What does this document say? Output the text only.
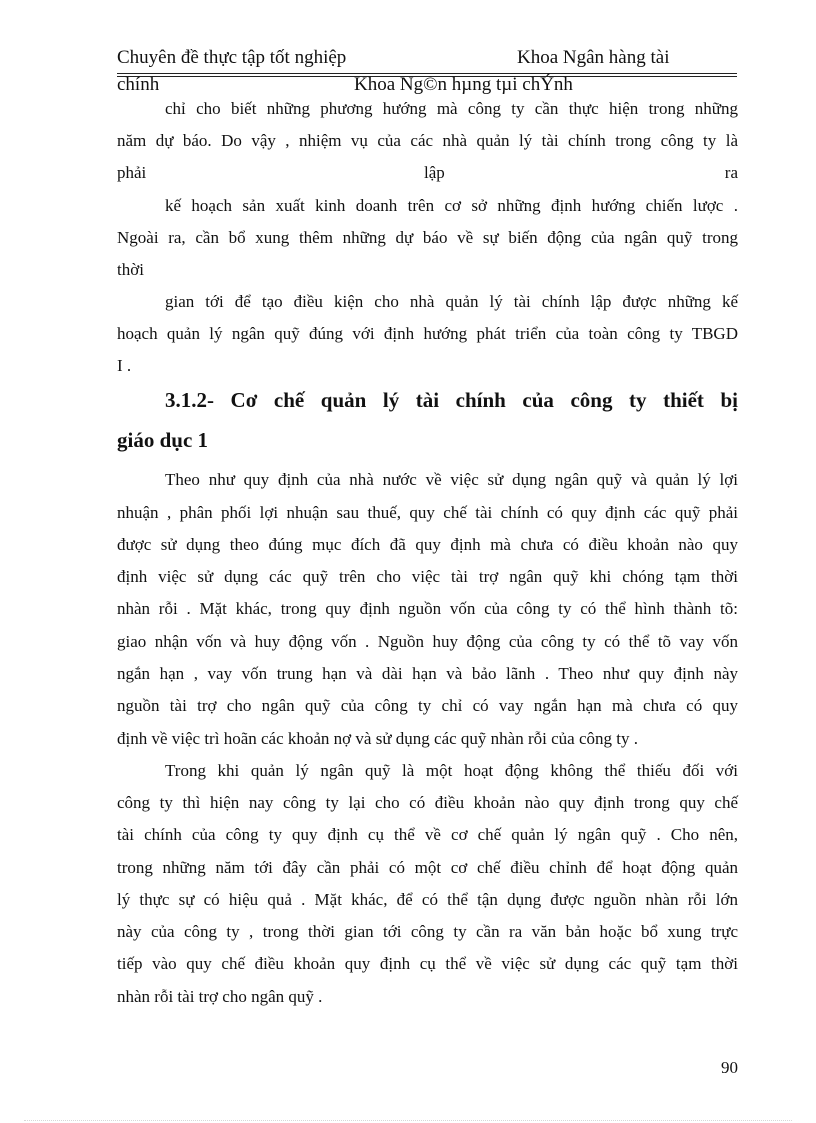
Chuyên đề thực tập tốt nghiệp	Khoa Ngân hàng tài
chính	Khoa Ng©n hµng tµi chÝnh
chỉ cho biết những phương hướng mà công ty cần thực hiện trong những
năm dự báo. Do vậy , nhiệm vụ của các nhà quản lý tài chính trong công ty là
phải	lập	ra
kế hoạch sản xuất kinh doanh trên cơ sở những định hướng chiến lược .
Ngoài ra, cần bổ xung thêm những dự báo về sự biến động của ngân quỹ trong
thời
gian tới để tạo điều kiện cho nhà quản lý tài chính lập được những kế
hoạch quản lý ngân quỹ đúng với định hướng phát triển của toàn công ty TBGD
I .
3.1.2- Cơ chế quản lý tài chính của công ty thiết bị
giáo dục 1
Theo như quy định của nhà nước về việc sử dụng ngân quỹ và quản lý lợi
nhuận , phân phối lợi nhuận sau thuế, quy chế tài chính có quy định các quỹ phải
được sử dụng theo đúng mục đích đã quy định mà chưa có điều khoản nào quy
định việc sử dụng các quỹ trên cho việc tài trợ ngân quỹ khi chóng tạm thời
nhàn rỗi . Mặt khác, trong quy định nguồn vốn của công ty có thể hình thành tõ:
giao nhận vốn và huy động vốn . Nguồn huy động của công ty có thể tõ vay vốn
ngắn hạn , vay vốn trung hạn và dài hạn và bảo lãnh . Theo như quy định này
nguồn tài trợ cho ngân quỹ của công ty chỉ có vay ngắn hạn mà chưa có quy
định về việc trì hoãn các khoản nợ và sử dụng các quỹ nhàn rỗi của công ty .
Trong khi quản lý ngân quỹ là một hoạt động không thể thiếu đối với
công ty thì hiện nay công ty lại cho có điều khoản nào quy định trong quy chế
tài chính của công ty quy định cụ thể về cơ chế quản lý ngân quỹ . Cho nên,
trong những năm tới đây cần phải có một cơ chế điều chỉnh để hoạt động quản
lý thực sự có hiệu quả . Mặt khác, để có thể tận dụng được nguồn nhàn rỗi lớn
này của công ty , trong thời gian tới công ty cần ra văn bản hoặc bổ xung trực
tiếp vào quy chế điều khoản quy định cụ thể về việc sử dụng các quỹ tạm thời
nhàn rỗi tài trợ cho ngân quỹ .
90
